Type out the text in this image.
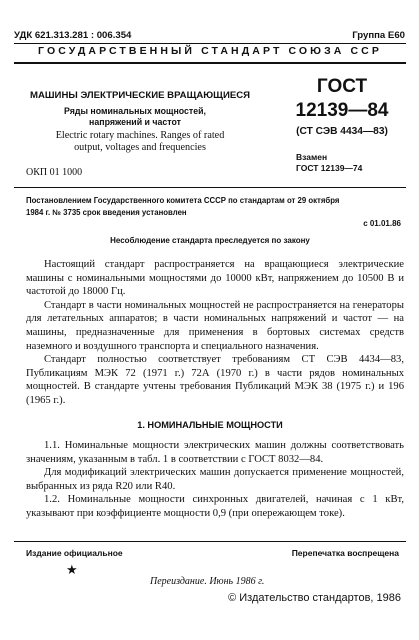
УДК 621.313.281 : 006.354	Группа Е60
ГОСУДАРСТВЕННЫЙ СТАНДАРТ СОЮЗА ССР
МАШИНЫ ЭЛЕКТРИЧЕСКИЕ ВРАЩАЮЩИЕСЯ
Ряды номинальных мощностей,
напряжений и частот
Electric rotary machines. Ranges of rated
output, voltages and frequencies
ОКП 01 1000
ГОСТ
12139—84
(СТ СЭВ 4434—83)
Взамен
ГОСТ 12139—74
Постановлением Государственного комитета СССР по стандартам от 29 октября
1984 г. № 3735 срок введения установлен
с 01.01.86
Несоблюдение стандарта преследуется по закону

Настоящий стандарт распространяется на вращающиеся электрические машины с номинальными мощностями до 10000 кВт, напряжением до 10500 В и частотой до 18000 Гц.

Стандарт в части номинальных мощностей не распространяется на генераторы для летательных аппаратов; в части номинальных напряжений и частот — на машины, предназначенные для применения в бортовых системах средств наземного и воздушного транспорта и специального назначения.

Стандарт полностью соответствует требованиям СТ СЭВ 4434—83, Публикациям МЭК 72 (1971 г.) 72А (1970 г.) в части рядов номинальных мощностей. В стандарте учтены требования Публикаций МЭК 38 (1975 г.) и 196 (1965 г.).

1. НОМИНАЛЬНЫЕ МОЩНОСТИ

1.1. Номинальные мощности электрических машин должны соответствовать значениям, указанным в табл. 1 в соответствии с ГОСТ 8032—84.

Для модификаций электрических машин допускается применение мощностей, выбранных из ряда R20 или R40.

1.2. Номинальные мощности синхронных двигателей, начиная с 1 кВт, указывают при коэффициенте мощности 0,9 (при опережающем токе).

Издание официальное	Перепечатка воспрещена
★
Переиздание. Июнь 1986 г.
© Издательство стандартов, 1986
